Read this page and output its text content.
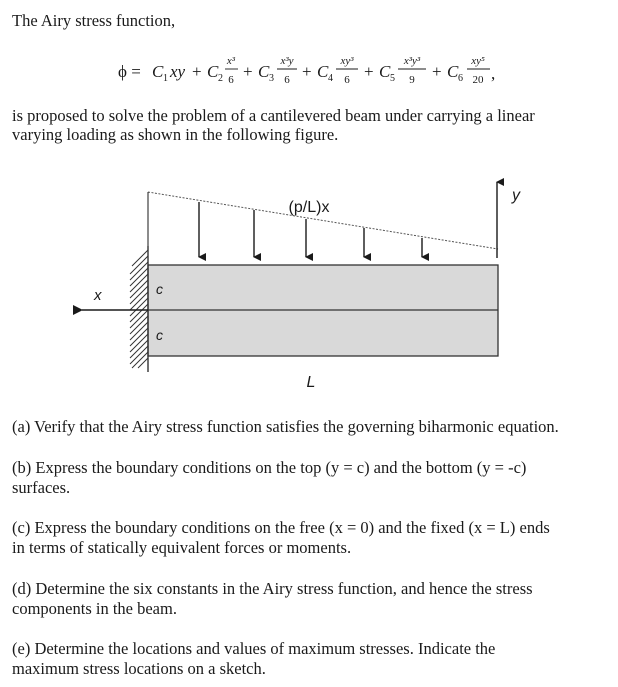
The Airy stress function,

ϕ = C 1 xy + C 2
x³
6 + C 3
x³y
6 + C 4
xy³
6 + C 5
x³y³
9 + C 6
xy⁵
20 ,

is proposed to solve the problem of a cantilevered beam under carrying a linear

varying loading as shown in the following figure.

(p/L)x
y
c
c
x
L

(a) Verify that the Airy stress function satisfies the governing biharmonic equation.

(b) Express the boundary conditions on the top (y = c) and the bottom (y = -c)

surfaces.

(c) Express the boundary conditions on the free (x = 0) and the fixed (x = L) ends

in terms of statically equivalent forces or moments.

(d) Determine the six constants in the Airy stress function, and hence the stress

components in the beam.

(e) Determine the locations and values of maximum stresses. Indicate the

maximum stress locations on a sketch.
